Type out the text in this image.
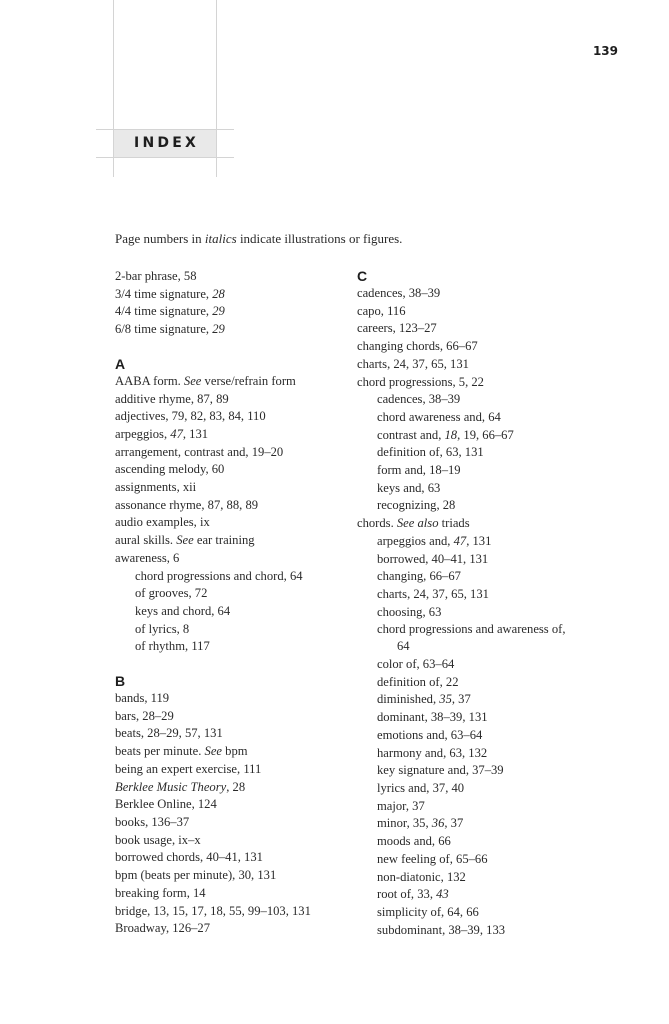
INDEX
139
Page numbers in italics indicate illustrations or figures.
2-bar phrase, 58
3/4 time signature, 28
4/4 time signature, 29
6/8 time signature, 29
A
AABA form. See verse/refrain form
additive rhyme, 87, 89
adjectives, 79, 82, 83, 84, 110
arpeggios, 47, 131
arrangement, contrast and, 19–20
ascending melody, 60
assignments, xii
assonance rhyme, 87, 88, 89
audio examples, ix
aural skills. See ear training
awareness, 6
chord progressions and chord, 64
of grooves, 72
keys and chord, 64
of lyrics, 8
of rhythm, 117
B
bands, 119
bars, 28–29
beats, 28–29, 57, 131
beats per minute. See bpm
being an expert exercise, 111
Berklee Music Theory, 28
Berklee Online, 124
books, 136–37
book usage, ix–x
borrowed chords, 40–41, 131
bpm (beats per minute), 30, 131
breaking form, 14
bridge, 13, 15, 17, 18, 55, 99–103, 131
Broadway, 126–27
C
cadences, 38–39
capo, 116
careers, 123–27
changing chords, 66–67
charts, 24, 37, 65, 131
chord progressions, 5, 22
cadences, 38–39
chord awareness and, 64
contrast and, 18, 19, 66–67
definition of, 63, 131
form and, 18–19
keys and, 63
recognizing, 28
chords. See also triads
arpeggios and, 47, 131
borrowed, 40–41, 131
changing, 66–67
charts, 24, 37, 65, 131
choosing, 63
chord progressions and awareness of,
64
color of, 63–64
definition of, 22
diminished, 35, 37
dominant, 38–39, 131
emotions and, 63–64
harmony and, 63, 132
key signature and, 37–39
lyrics and, 37, 40
major, 37
minor, 35, 36, 37
moods and, 66
new feeling of, 65–66
non-diatonic, 132
root of, 33, 43
simplicity of, 64, 66
subdominant, 38–39, 133
